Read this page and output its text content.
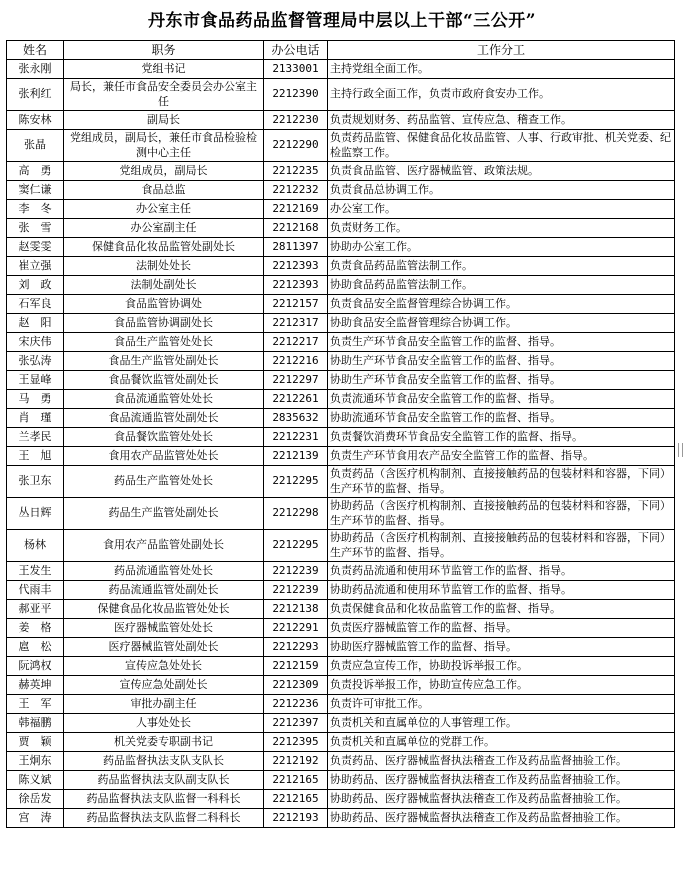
丹东市食品药品监督管理局中层以上干部“三公开”
姓名	职务	办公电话	工作分工
张永刚	党组书记	2133001	主持党组全面工作。
张利红	局长，兼任市食品安全委员会办公室主任	2212390	主持行政全面工作，负责市政府食安办工作。
陈安林	副局长	2212230	负责规划财务、药品监管、宣传应急、稽查工作。
张晶	党组成员，副局长，兼任市食品检验检测中心主任	2212290	负责药品监管、保健食品化妆品监管、人事、行政审批、机关党委、纪检监察工作。
高　勇	党组成员，副局长	2212235	负责食品监管、医疗器械监管、政策法规。
窦仁谦	食品总监	2212232	负责食品总协调工作。
李　冬	办公室主任	2212169	办公室工作。
张　雪	办公室副主任	2212168	负责财务工作。
赵雯雯	保健食品化妆品监管处副处长	2811397	协助办公室工作。
崔立强	法制处处长	2212393	负责食品药品监管法制工作。
刘　政	法制处副处长	2212393	协助食品药品监管法制工作。
石军良	食品监管协调处	2212157	负责食品安全监督管理综合协调工作。
赵　阳	食品监管协调副处长	2212317	协助食品安全监督管理综合协调工作。
宋庆伟	食品生产监管处处长	2212217	负责生产环节食品安全监管工作的监督、指导。
张弘涛	食品生产监管处副处长	2212216	协助生产环节食品安全监管工作的监督、指导。
王显峰	食品餐饮监管处副处长	2212297	协助生产环节食品安全监管工作的监督、指导。
马　勇	食品流通监管处处长	2212261	负责流通环节食品安全监管工作的监督、指导。
肖　瑾	食品流通监管处副处长	2835632	协助流通环节食品安全监管工作的监督、指导。
兰孝民	食品餐饮监管处处长	2212231	负责餐饮消费环节食品安全监管工作的监督、指导。
王　旭	食用农产品监管处处长	2212139	负责生产环节食用农产品安全监管工作的监督、指导。
张卫东	药品生产监管处处长	2212295	负责药品（含医疗机构制剂、直接接触药品的包装材料和容器，下同）生产环节的监督、指导。
丛日辉	药品生产监管处副处长	2212298	协助药品（含医疗机构制剂、直接接触药品的包装材料和容器，下同）生产环节的监督、指导。
杨林	食用农产品监管处副处长	2212295	协助药品（含医疗机构制剂、直接接触药品的包装材料和容器，下同）生产环节的监督、指导。
王发生	药品流通监管处处长	2212239	负责药品流通和使用环节监管工作的监督、指导。
代雨丰	药品流通监管处副处长	2212239	协助药品流通和使用环节监管工作的监督、指导。
郝亚平	保健食品化妆品监管处处长	2212138	负责保健食品和化妆品监管工作的监督、指导。
姜　格	医疗器械监管处处长	2212291	负责医疗器械监管工作的监督、指导。
扈　松	医疗器械监管处副处长	2212293	协助医疗器械监管工作的监督、指导。
阮鸿权	宣传应急处处长	2212159	负责应急宣传工作，协助投诉举报工作。
赫英坤	宣传应急处副处长	2212309	负责投诉举报工作，协助宣传应急工作。
王　军	审批办副主任	2212236	负责许可审批工作。
韩福鹏	人事处处长	2212397	负责机关和直属单位的人事管理工作。
贾　颖	机关党委专职副书记	2212395	负责机关和直属单位的党群工作。
王炯东	药品监督执法支队支队长	2212192	负责药品、医疗器械监督执法稽查工作及药品监督抽验工作。
陈义斌	药品监督执法支队副支队长	2212165	协助药品、医疗器械监督执法稽查工作及药品监督抽验工作。
徐岳发	药品监督执法支队监督一科科长	2212165	协助药品、医疗器械监督执法稽查工作及药品监督抽验工作。
宫　涛	药品监督执法支队监督二科科长	2212193	协助药品、医疗器械监督执法稽查工作及药品监督抽验工作。
